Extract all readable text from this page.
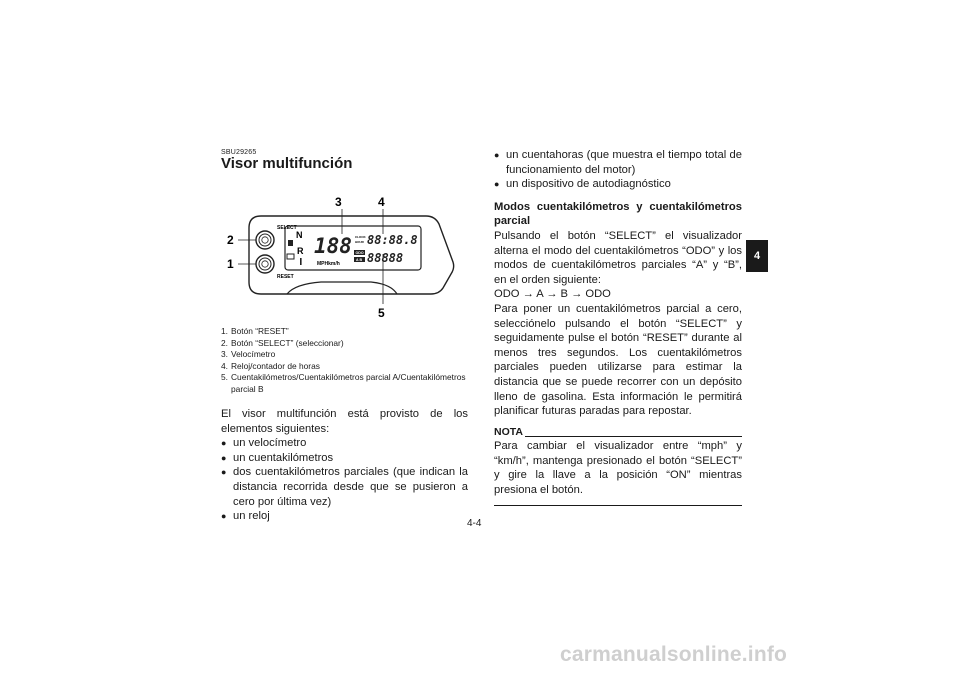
SBU29265
Visor multifunción
SELECT
RESET
N
R 188
MPHkm/h
CLOCK
HOUR 88:88.8
ODO
A B 88888
2
1
3	4
5
1. Botón “RESET”
2. Botón “SELECT” (seleccionar)
3. Velocímetro
4. Reloj/contador de horas
5. Cuentakilómetros/Cuentakilómetros parcial A/Cuentakilómetros parcial B

El visor multifunción está provisto de los elementos siguientes:

● un velocímetro
● un cuentakilómetros
● dos cuentakilómetros parciales (que indican la distancia recorrida desde que se pusieron a cero por última vez)
● un reloj
● un cuentahoras (que muestra el tiempo total de funcionamiento del motor)
● un dispositivo de autodiagnóstico

Modos cuentakilómetros y cuentakilómetros parcial

Pulsando el botón “SELECT” el visualizador alterna el modo del cuentakilómetros “ODO” y los modos de cuentakilómetros parciales “A” y “B”, en el orden siguiente:

ODO → A → B → ODO

Para poner un cuentakilómetros parcial a cero, selecciónelo pulsando el botón “SELECT” y seguidamente pulse el botón “RESET” durante al menos tres segundos. Los cuentakilómetros parciales pueden utilizarse para estimar la distancia que se puede recorrer con un depósito lleno de gasolina. Esta información le permitirá planificar futuras paradas para repostar.

NOTA

Para cambiar el visualizador entre “mph” y “km/h”, mantenga presionado el botón “SELECT” y gire la llave a la posición “ON” mientras presiona el botón.

4
4-4
carmanualsonline.info
